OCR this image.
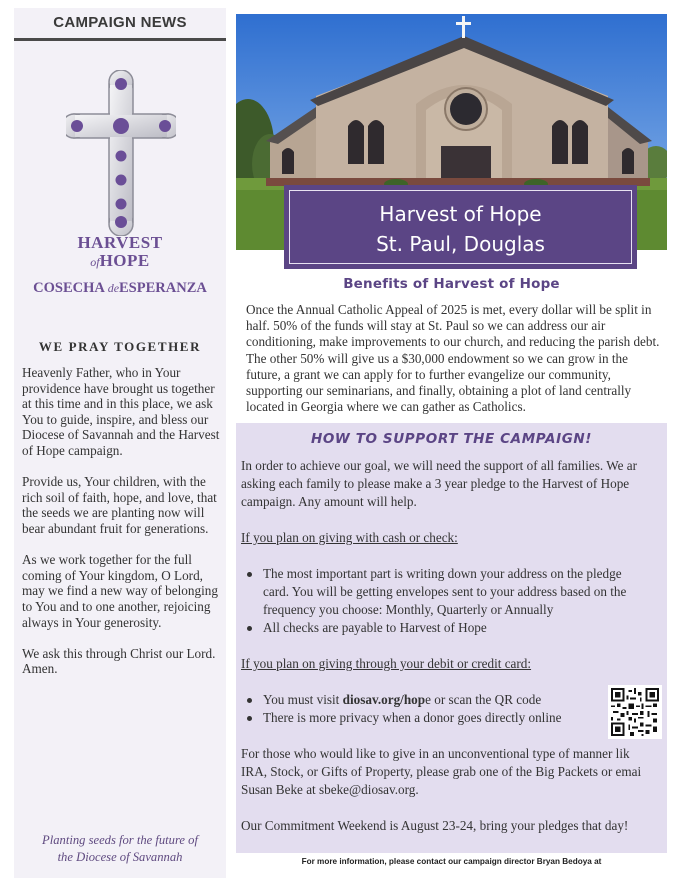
CAMPAIGN NEWS
HARVEST
ofHOPE
COSECHA deESPERANZA
WE PRAY TOGETHER

Heavenly Father, who in Your providence have brought us together at this time and in this place, we ask You to guide, inspire, and bless our Diocese of Savannah and the Harvest of Hope campaign.

Provide us, Your children, with the rich soil of faith, hope, and love, that the seeds we are planting now will bear abundant fruit for generations.

As we work together for the full coming of Your kingdom, O Lord, may we find a new way of belonging to You and to one another, rejoicing always in Your generosity.

We ask this through Christ our Lord. Amen.

Planting seeds for the future of
the Diocese of Savannah
Harvest of Hope
St. Paul, Douglas
Benefits of Harvest of Hope
Once the Annual Catholic Appeal of 2025 is met, every dollar will be split in half. 50% of the funds will stay at St. Paul so we can address our air conditioning, make improvements to our church, and reducing the parish debt. The other 50% will give us a $30,000 endowment so we can grow in the future, a grant we can apply for to further evangelize our community, supporting our seminarians, and finally, obtaining a plot of land centrally located in Georgia where we can gather as Catholics.
HOW TO SUPPORT THE CAMPAIGN!
In order to achieve our goal, we will need the support of all families. We ar
asking each family to please make a 3 year pledge to the Harvest of Hope
campaign. Any amount will help.
If you plan on giving with cash or check:
The most important part is writing down your address on the pledge
card. You will be getting envelopes sent to your address based on the
frequency you choose: Monthly, Quarterly or Annually
All checks are payable to Harvest of Hope
If you plan on giving through your debit or credit card:
You must visit diosav.org/hope or scan the QR code
There is more privacy when a donor goes directly online
For those who would like to give in an unconventional type of manner lik
IRA, Stock, or Gifts of Property, please grab one of the Big Packets or emai
Susan Beke at sbeke@diosav.org.
Our Commitment Weekend is August 23-24, bring your pledges that day!
For more information, please contact our campaign director Bryan Bedoya at
